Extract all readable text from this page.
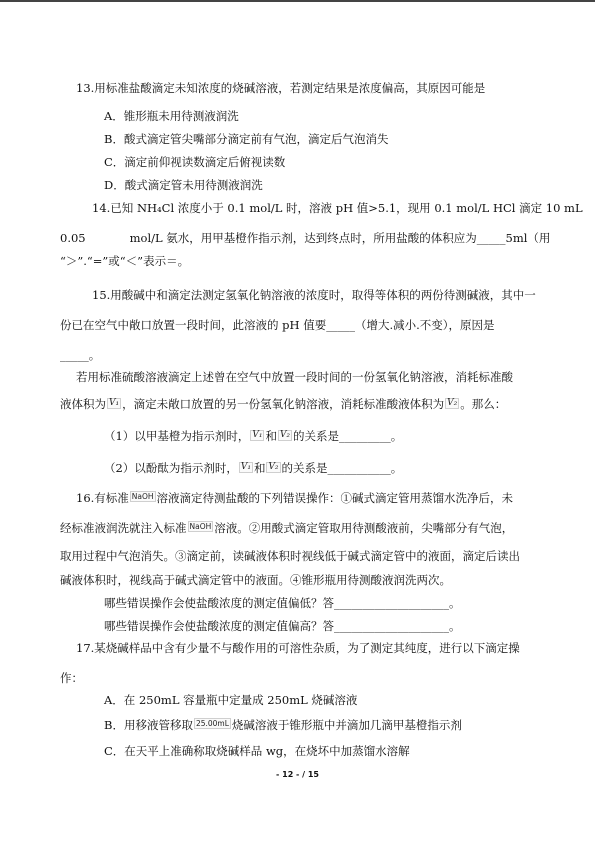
13.用标准盐酸滴定未知浓度的烧碱溶液，若测定结果是浓度偏高，其原因可能是
A．锥形瓶未用待测液润洗
B．酸式滴定管尖嘴部分滴定前有气泡，滴定后气泡消失
C．滴定前仰视读数滴定后俯视读数
D．酸式滴定管未用待测液润洗
14.已知 NH₄Cl 浓度小于 0.1 mol/L 时，溶液 pH 值>5.1，现用 0.1 mol/L HCl 滴定 10 mL
0.05	mol/L 氨水，用甲基橙作指示剂，达到终点时，所用盐酸的体积应为_____5ml（用
“＞”.“=”或“＜”表示＝。
15.用酸碱中和滴定法测定氢氧化钠溶液的浓度时，取得等体积的两份待测碱液，其中一
份已在空气中敞口放置一段时间，此溶液的 pH 值要_____（增大.减小.不变），原因是
_____。
若用标准硫酸溶液滴定上述曾在空气中放置一段时间的一份氢氧化钠溶液，消耗标准酸
液体积为 V₁ ，滴定未敞口放置的另一份氢氧化钠溶液，消耗标准酸液体积为 V₂ 。那么：
（1）以甲基橙为指示剂时， V₁ 和 V₂ 的关系是_________。
（2）以酚酞为指示剂时， V₁ 和 V₂ 的关系是___________。
16.有标准 NaOH 溶液滴定待测盐酸的下列错误操作：①碱式滴定管用蒸馏水洗净后，未
经标准液润洗就注入标准 NaOH 溶液。②用酸式滴定管取用待测酸液前，尖嘴部分有气泡，
取用过程中气泡消失。③滴定前，读碱液体积时视线低于碱式滴定管中的液面，滴定后读出
碱液体积时，视线高于碱式滴定管中的液面。④锥形瓶用待测酸液润洗两次。
哪些错误操作会使盐酸浓度的测定值偏低？答____________________。
哪些错误操作会使盐酸浓度的测定值偏高？答____________________。
17.某烧碱样品中含有少量不与酸作用的可溶性杂质，为了测定其纯度，进行以下滴定操
作：
A．在 250mL 容量瓶中定量成 250mL 烧碱溶液
B．用移液管移取 25.00mL 烧碱溶液于锥形瓶中并滴加几滴甲基橙指示剂
C．在天平上准确称取烧碱样品 wg，在烧坏中加蒸馏水溶解
- 12 - / 15
